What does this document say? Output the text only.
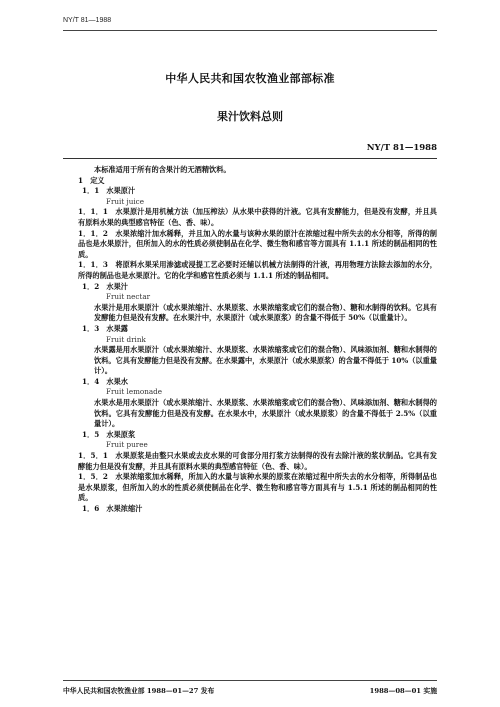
NY/T 81—1988
中华人民共和国农牧渔业部部标准
果汁饮料总则
NY/T 81—1988

本标准适用于所有的含果汁的无酒精饮料。

1　定义

1．1　水果原汁

Fruit juice

1．1．1　水果原汁是用机械方法（加压榨法）从水果中获得的汁液。它具有发酵能力，但是没有发酵，并且具有原料水果的典型感官特征（色、香、味）。

1．1．2　水果浓缩汁加水稀释，并且加入的水量与该种水果的原汁在浓缩过程中所失去的水分相等，所得的制品也是水果原汁，但所加入的水的性质必须使制品在化学、微生物和感官等方面具有 1.1.1 所述的制品相同的性质。

1．1．3　将原料水果采用渗滤或浸提工艺必要时还辅以机械方法制得的汁液，再用物理方法除去添加的水分，所得的制品也是水果原汁。它的化学和感官性质必须与 1.1.1 所述的制品相同。

1．2　水果汁

Fruit nectar

水果汁是用水果原汁（或水果浓缩汁、水果原浆、水果浓缩浆或它们的混合物）、糖和水制得的饮料。它具有发酵能力但是没有发酵。在水果汁中，水果原汁（或水果原浆）的含量不得低于 50%（以重量计）。

1．3　水果露

Fruit drink

水果露是用水果原汁（或水果浓缩汁、水果原浆、水果浓缩浆或它们的混合物）、风味添加剂、糖和水制得的饮料。它具有发酵能力但是没有发酵。在水果露中，水果原汁（或水果原浆）的含量不得低于 10%（以重量计）。

1．4　水果水

Fruit lemonade

水果水是用水果原汁（或水果浓缩汁、水果原浆、水果浓缩浆或它们的混合物）、风味添加剂、糖和水制得的饮料。它具有发酵能力但是没有发酵。在水果水中，水果原汁（或水果原浆）的含量不得低于 2.5%（以重量计）。

1．5　水果原浆

Fruit puree

1．5．1　水果原浆是由整只水果或去皮水果的可食部分用打浆方法制得的没有去除汁液的浆状制品。它具有发酵能力但是没有发酵，并且具有原料水果的典型感官特征（色、香、味）。

1．5．2　水果浓缩浆加水稀释，所加入的水量与该种水果的原浆在浓缩过程中所失去的水分相等，所得制品也是水果原浆，但所加入的水的性质必须使制品在化学、微生物和感官等方面具有与 1.5.1 所述的制品相同的性质。

1．6　水果浓缩汁

中华人民共和国农牧渔业部 1988—01—27 发布	1988—08—01 实施
